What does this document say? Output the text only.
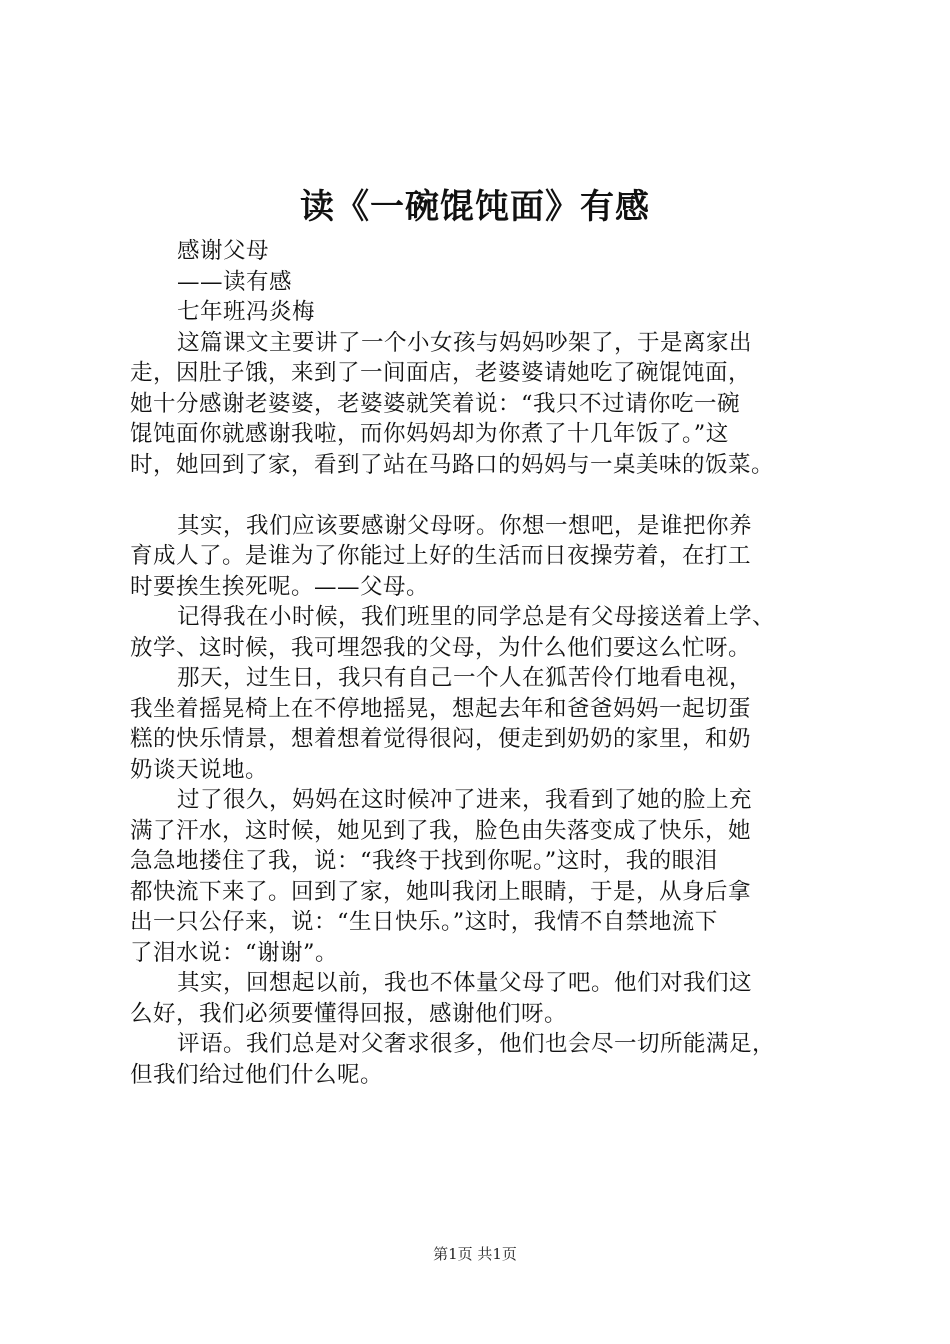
读《一碗馄饨面》有感
感谢父母
——读有感
七年班冯炎梅
这篇课文主要讲了一个小女孩与妈妈吵架了，于是离家出
走，因肚子饿，来到了一间面店，老婆婆请她吃了碗馄饨面，
她十分感谢老婆婆，老婆婆就笑着说：“我只不过请你吃一碗
馄饨面你就感谢我啦，而你妈妈却为你煮了十几年饭了。”这
时，她回到了家，看到了站在马路口的妈妈与一桌美味的饭菜。
其实，我们应该要感谢父母呀。你想一想吧，是谁把你养
育成人了。是谁为了你能过上好的生活而日夜操劳着，在打工
时要挨生挨死呢。——父母。
记得我在小时候，我们班里的同学总是有父母接送着上学、
放学、这时候，我可埋怨我的父母，为什么他们要这么忙呀。
那天，过生日，我只有自己一个人在狐苦伶仃地看电视，
我坐着摇晃椅上在不停地摇晃，想起去年和爸爸妈妈一起切蛋
糕的快乐情景，想着想着觉得很闷，便走到奶奶的家里，和奶
奶谈天说地。
过了很久，妈妈在这时候冲了进来，我看到了她的脸上充
满了汗水，这时候，她见到了我，脸色由失落变成了快乐，她
急急地搂住了我，说：“我终于找到你呢。”这时，我的眼泪
都快流下来了。回到了家，她叫我闭上眼睛，于是，从身后拿
出一只公仔来，说：“生日快乐。”这时，我情不自禁地流下
了泪水说：“谢谢”。
其实，回想起以前，我也不体量父母了吧。他们对我们这
么好，我们必须要懂得回报，感谢他们呀。
评语。我们总是对父奢求很多，他们也会尽一切所能满足，
但我们给过他们什么呢。
第1页 共1页
